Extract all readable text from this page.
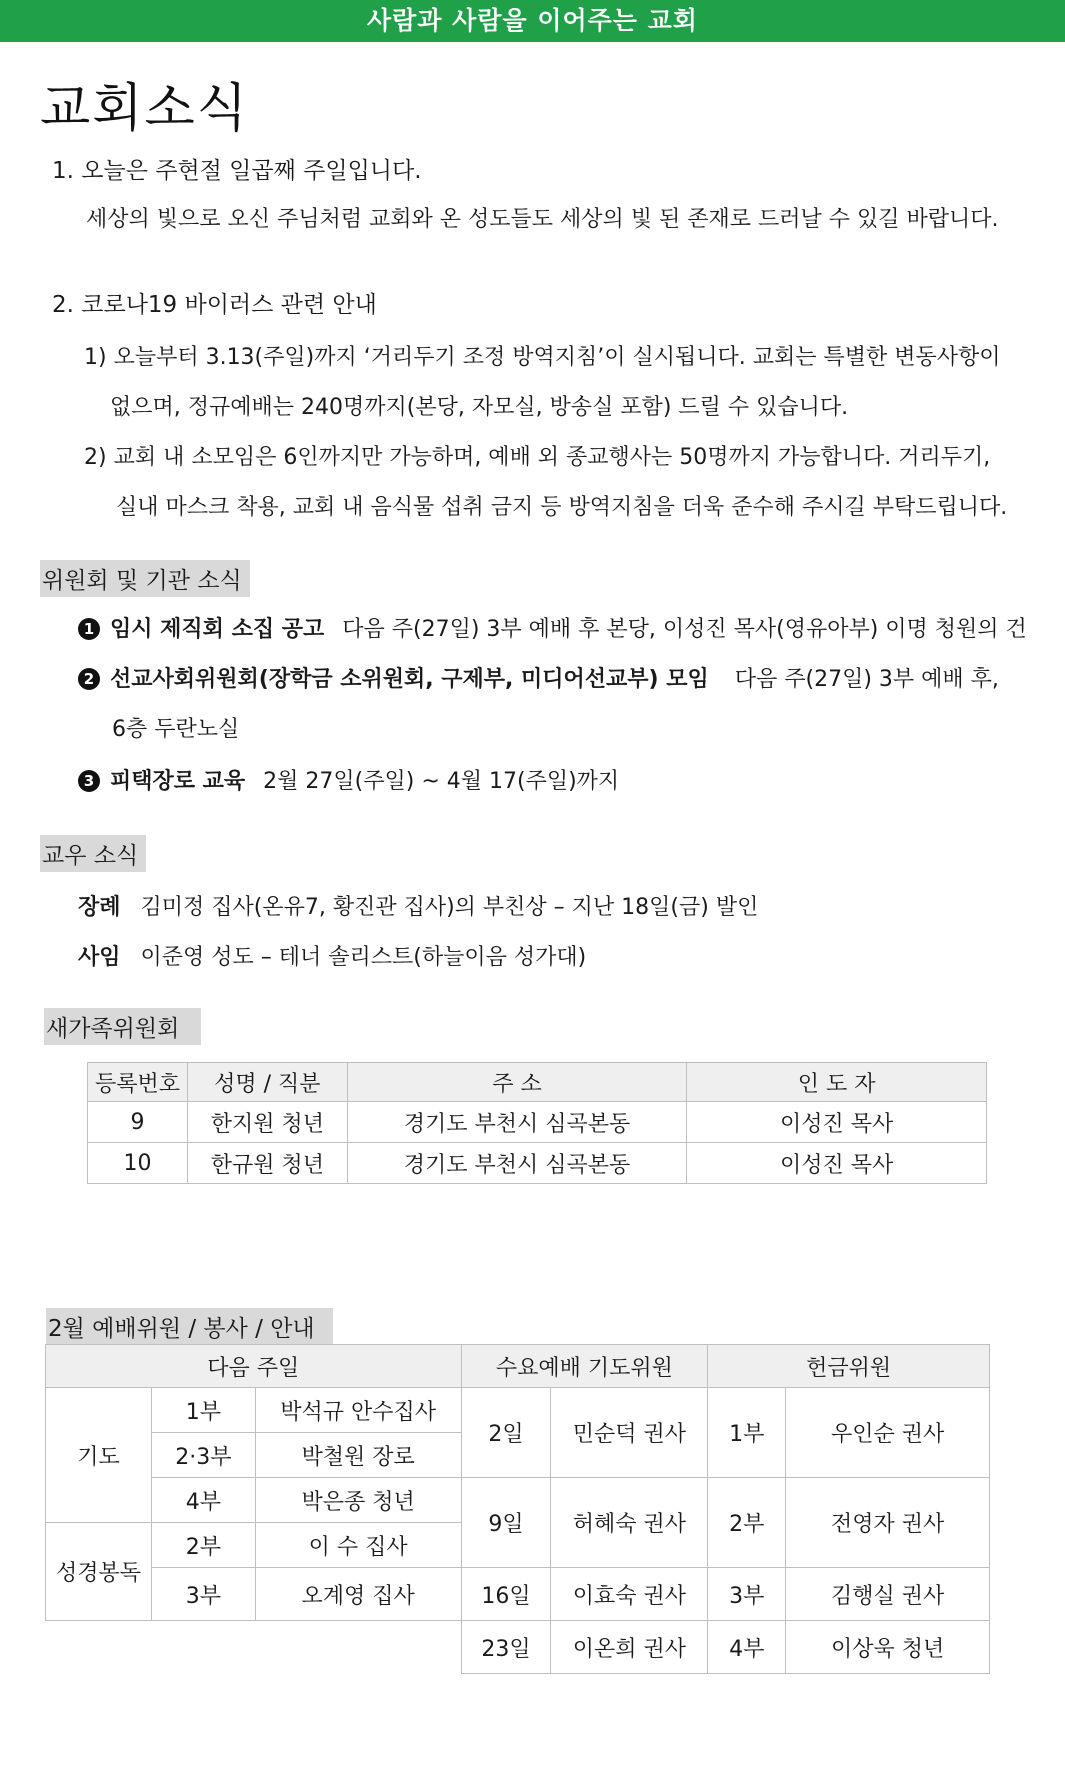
사람과 사람을 이어주는 교회
교회소식
1. 오늘은 주현절 일곱째 주일입니다.
세상의 빛으로 오신 주님처럼 교회와 온 성도들도 세상의 빛 된 존재로 드러날 수 있길 바랍니다.
2. 코로나19 바이러스 관련 안내
1) 오늘부터 3.13(주일)까지 ‘거리두기 조정 방역지침’이 실시됩니다. 교회는 특별한 변동사항이
없으며, 정규예배는 240명까지(본당, 자모실, 방송실 포함) 드릴 수 있습니다.
2) 교회 내 소모임은 6인까지만 가능하며, 예배 외 종교행사는 50명까지 가능합니다. 거리두기,
실내 마스크 착용, 교회 내 음식물 섭취 금지 등 방역지침을 더욱 준수해 주시길 부탁드립니다.
위원회 및 기관 소식
1 임시 제직회 소집 공고 다음 주(27일) 3부 예배 후 본당, 이성진 목사(영유아부) 이명 청원의 건
2 선교사회위원회(장학금 소위원회, 구제부, 미디어선교부) 모임 다음 주(27일) 3부 예배 후,
6층 두란노실
3 피택장로 교육 2월 27일(주일) ~ 4월 17(주일)까지
교우 소식
장례 김미정 집사(온유7, 황진관 집사)의 부친상 – 지난 18일(금) 발인
사임 이준영 성도 – 테너 솔리스트(하늘이음 성가대)
새가족위원회
등록번호	성명 / 직분	주 소	인 도 자
9	한지원 청년	경기도 부천시 심곡본동	이성진 목사
10	한규원 청년	경기도 부천시 심곡본동	이성진 목사
2월 예배위원 / 봉사 / 안내
다음 주일			수요예배 기도위원		헌금위원	
기도	1부	박석규 안수집사	2일	민순덕 권사	1부	우인순 권사
	2·3부	박철원 장로				
	4부	박은종 청년	9일	허혜숙 권사	2부	전영자 권사
성경봉독	2부	이 수 집사				
	3부	오계영 집사	16일	이효숙 권사	3부	김행실 권사
			23일	이온희 권사	4부	이상욱 청년
